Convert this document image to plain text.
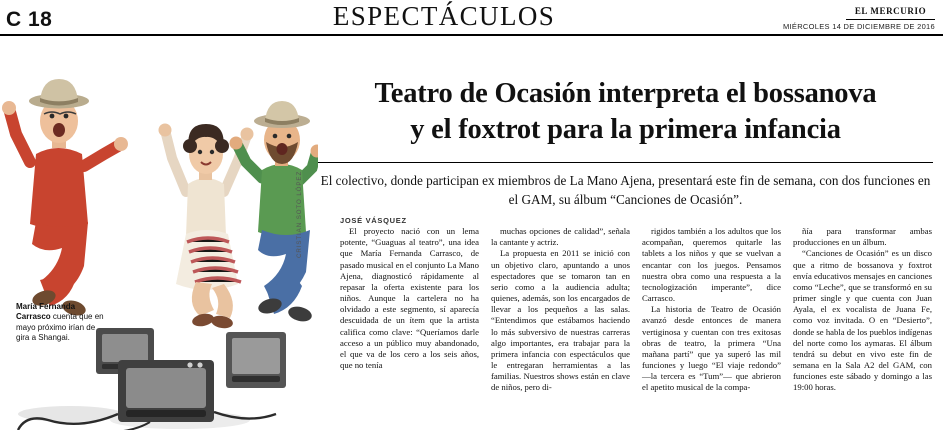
C 18	ESPECTÁCULOS	EL MERCURIO
MIÉRCOLES 14 DE DICIEMBRE DE 2016
CRISTIAN SOTO LÓPEZ
María Fernanda Carrasco cuenta que en mayo próximo irían de gira a Shangai.
Teatro de Ocasión interpreta el bossanova
y el foxtrot para la primera infancia

El colectivo, donde participan ex miembros de La Mano Ajena, presentará este fin de semana, con dos funciones en el GAM, su álbum “Canciones de Ocasión”.

JOSÉ VÁSQUEZ

El proyecto nació con un lema potente, “Guaguas al teatro”, una idea que María Fernanda Carrasco, de pasado musical en el conjunto La Mano Ajena, diagnosticó rápidamente al repasar la oferta existente para los niños. Aunque la cartelera no ha olvidado a este segmento, sí aparecía descuidada de un ítem que la artista califica como clave: “Queríamos darle acceso a un público muy abandonado, el que va de los cero a los seis años, que no tenía

muchas opciones de calidad”, señala la cantante y actriz.

La propuesta en 2011 se inició con un objetivo claro, apuntando a unos espectadores que se tomaron tan en serio como a la audiencia adulta; quienes, además, son los encargados de llevar a los pequeños a las salas. “Entendimos que estábamos haciendo lo más subversivo de nuestras carreras algo importantes, era trabajar para la primera infancia con espectáculos que le entregaran herramientas a las familias. Nuestros shows están en clave de niños, pero di-

rigidos también a los adultos que los acompañan, queremos quitarle las tablets a los niños y que se vuelvan a encantar con los juegos. Pensamos nuestra obra como una respuesta a la tecnologización imperante”, dice Carrasco.

La historia de Teatro de Ocasión avanzó desde entonces de manera vertiginosa y cuentan con tres exitosas obras de teatro, la primera “Una mañana partí” que ya superó las mil funciones y luego “El viaje redondo” —la tercera es “Tum”— que abrieron el apetito musical de la compa-

ñía para transformar ambas producciones en un álbum.

“Canciones de Ocasión” es un disco que a ritmo de bossanova y foxtrot envía educativos mensajes en canciones como “Leche”, que se transformó en su primer single y que cuenta con Juan Ayala, el ex vocalista de Juana Fe, como voz invitada. O en “Desierto”, donde se habla de los pueblos indígenas del norte como los aymaras. El álbum tendrá su debut en vivo este fin de semana en la Sala A2 del GAM, con funciones este sábado y domingo a las 19:00 horas.
